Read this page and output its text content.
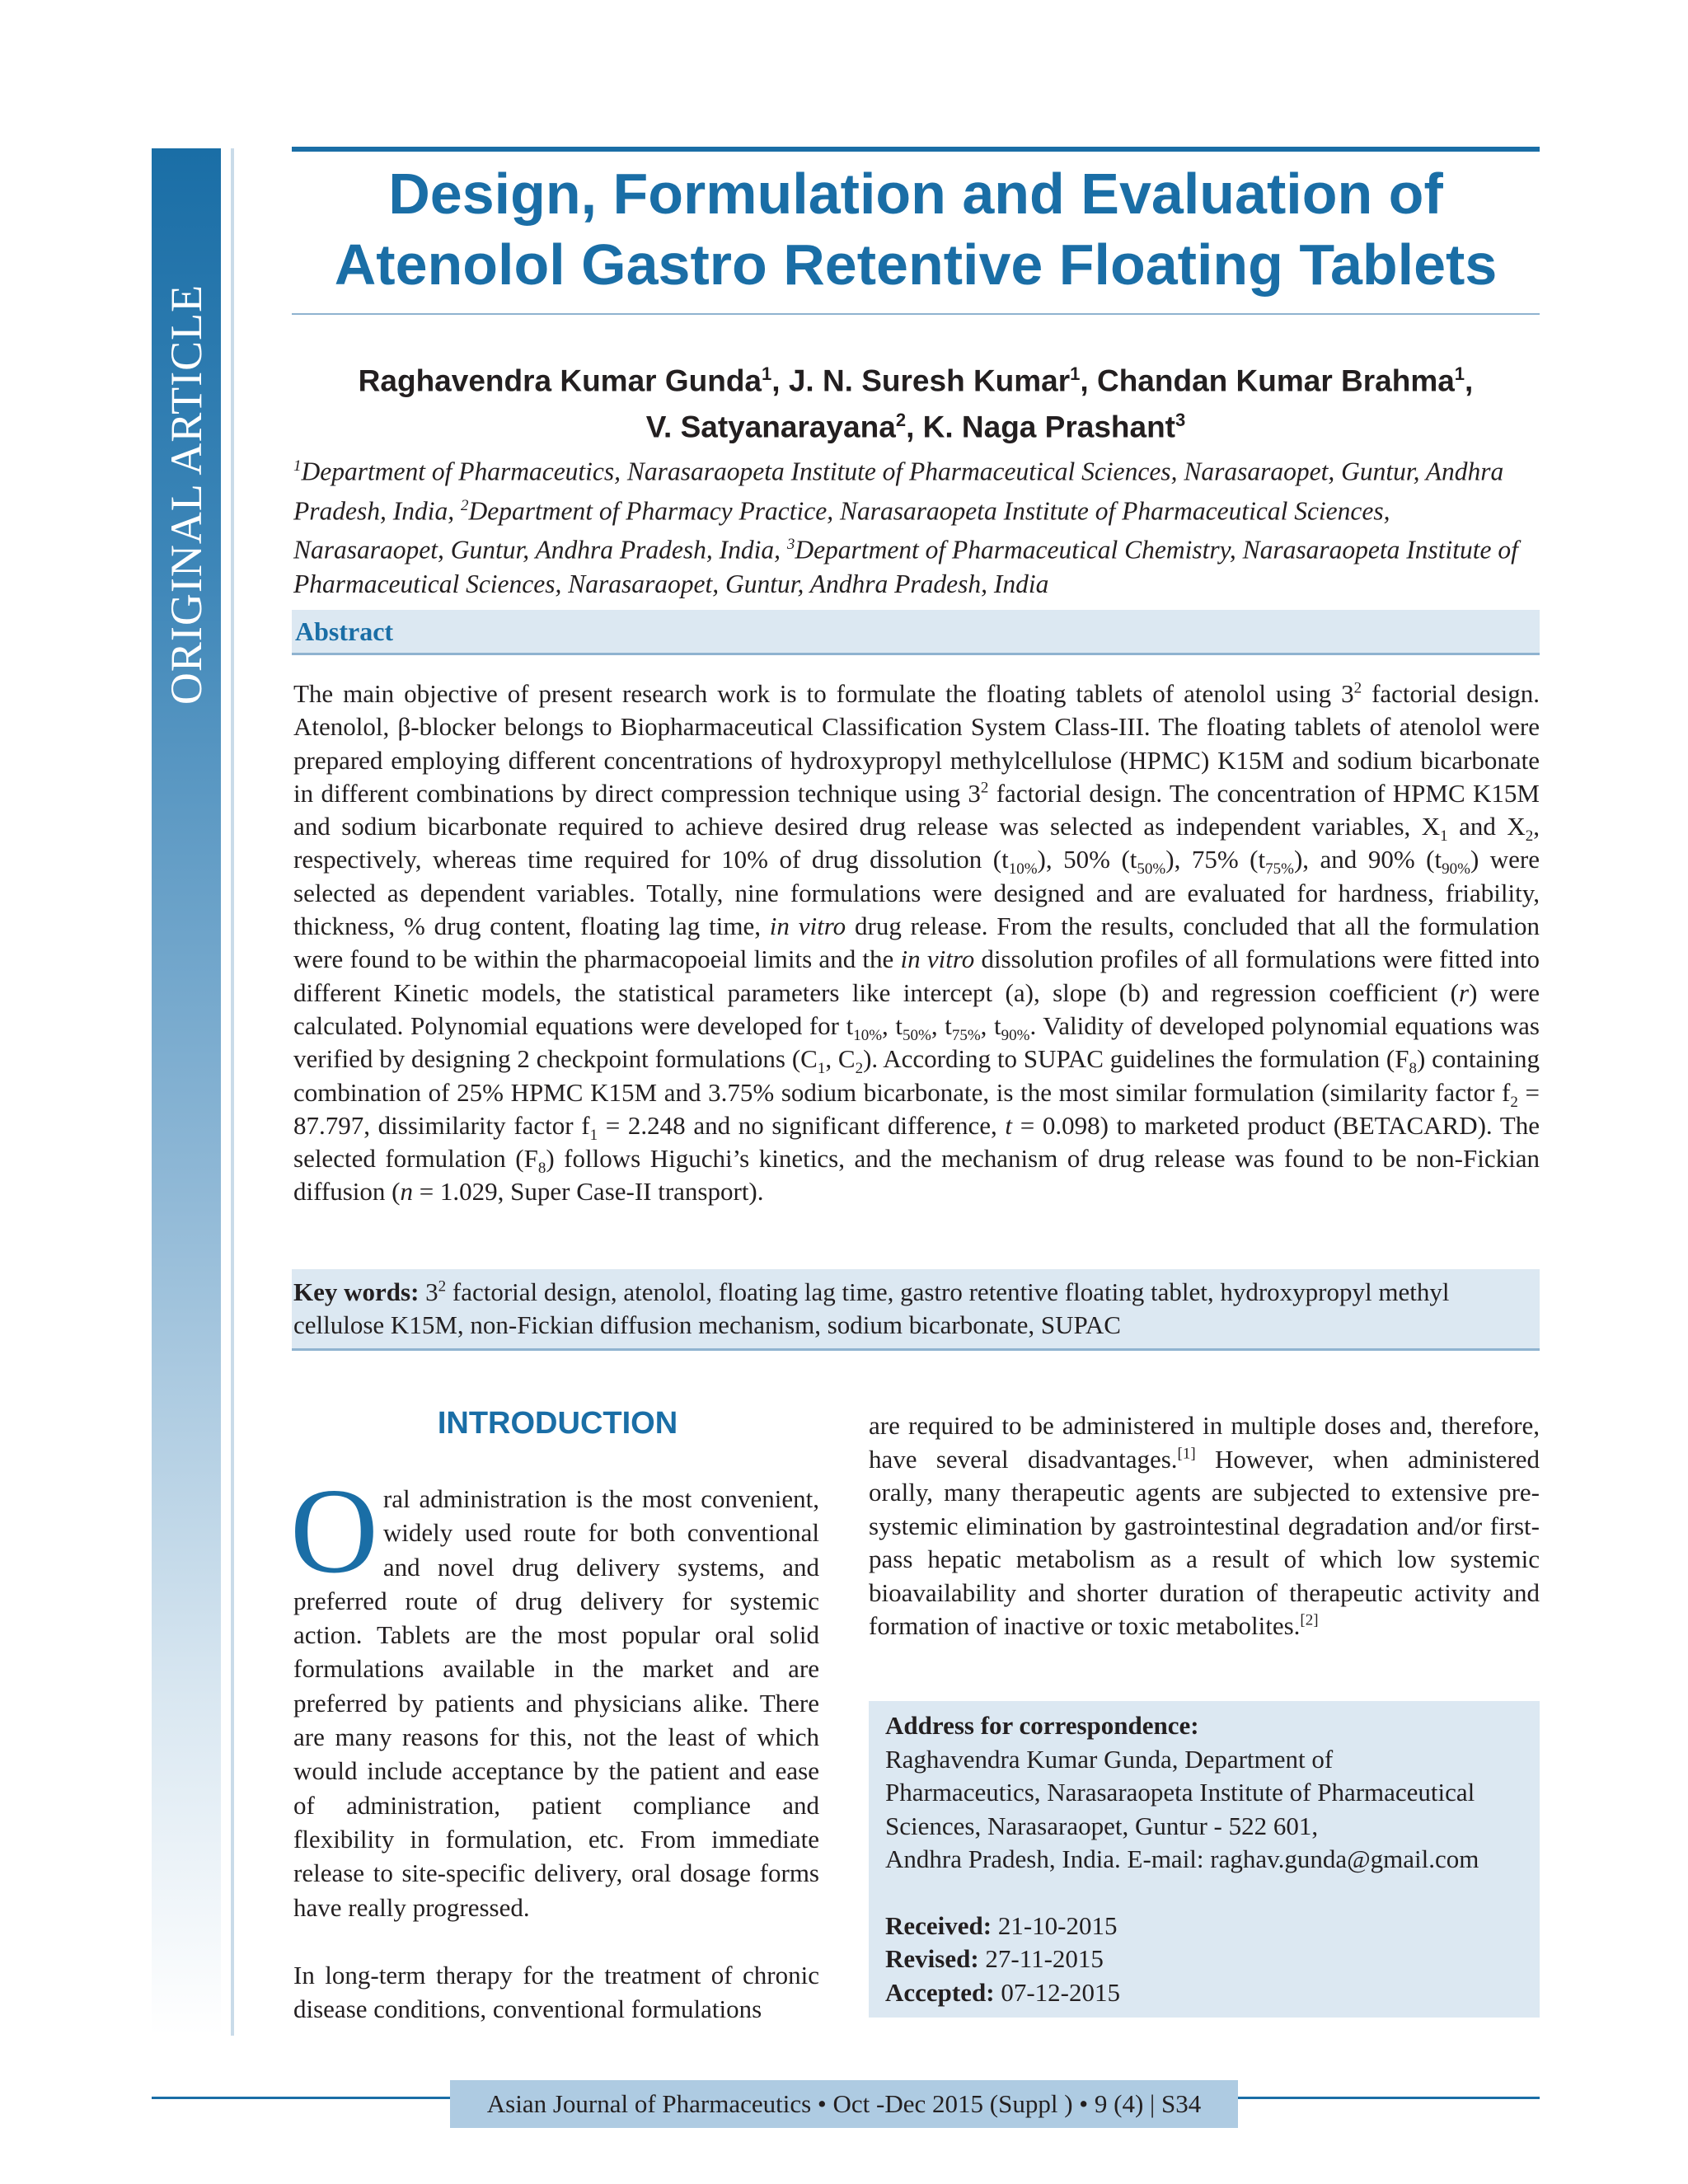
ORIGINAL ARTICLE
Design, Formulation and Evaluation of
Atenolol Gastro Retentive Floating Tablets
Raghavendra Kumar Gunda$^1$, J. N. Suresh Kumar$^1$, Chandan Kumar Brahma$^1$,
V. Satyanarayana$^2$, K. Naga Prashant$^3$
$^1$Department of Pharmaceutics, Narasaraopeta Institute of Pharmaceutical Sciences, Narasaraopet, Guntur, Andhra Pradesh, India, $^2$Department of Pharmacy Practice, Narasaraopeta Institute of Pharmaceutical Sciences, Narasaraopet, Guntur, Andhra Pradesh, India, $^3$Department of Pharmaceutical Chemistry, Narasaraopeta Institute of Pharmaceutical Sciences, Narasaraopet, Guntur, Andhra Pradesh, India
Abstract
The main objective of present research work is to formulate the floating tablets of atenolol using $3^2$ factorial design. Atenolol, β-blocker belongs to Biopharmaceutical Classification System Class-III. The floating tablets of atenolol were prepared employing different concentrations of hydroxypropyl methylcellulose (HPMC) K15M and sodium bicarbonate in different combinations by direct compression technique using $3^2$ factorial design. The concentration of HPMC K15M and sodium bicarbonate required to achieve desired drug release was selected as independent variables, $X_1$ and $X_2$, respectively, whereas time required for 10% of drug dissolution $(t_{10\%})$, 50% $(t_{50\%})$, 75% $(t_{75\%})$, and 90% $(t_{90\%})$ were selected as dependent variables. Totally, nine formulations were designed and are evaluated for hardness, friability, thickness, % drug content, floating lag time, in vitro drug release. From the results, concluded that all the formulation were found to be within the pharmacopoeial limits and the in vitro dissolution profiles of all formulations were fitted into different Kinetic models, the statistical parameters like intercept (a), slope (b) and regression coefficient (r) were calculated. Polynomial equations were developed for $t_{10\%}$, $t_{50\%}$, $t_{75\%}$, $t_{90\%}$. Validity of developed polynomial equations was verified by designing 2 checkpoint formulations ($C_1$, $C_2$). According to SUPAC guidelines the formulation $(F_8)$ containing combination of 25% HPMC K15M and 3.75% sodium bicarbonate, is the most similar formulation (similarity factor $f_2 = 87.797$, dissimilarity factor $f_1 = 2.248$ and no significant difference, t = 0.098) to marketed product (BETACARD). The selected formulation $(F_8)$ follows Higuchi’s kinetics, and the mechanism of drug release was found to be non-Fickian diffusion (n = 1.029, Super Case-II transport).
Key words: $3^2$ factorial design, atenolol, floating lag time, gastro retentive floating tablet, hydroxypropyl methyl cellulose K15M, non-Fickian diffusion mechanism, sodium bicarbonate, SUPAC
INTRODUCTION

Oral administration is the most convenient, widely used route for both conventional and novel drug delivery systems, and preferred route of drug delivery for systemic action. Tablets are the most popular oral solid formulations available in the market and are preferred by patients and physicians alike. There are many reasons for this, not the least of which would include acceptance by the patient and ease of administration, patient compliance and flexibility in formulation, etc. From immediate release to site-specific delivery, oral dosage forms have really progressed.

In long-term therapy for the treatment of chronic disease conditions, conventional formulations

are required to be administered in multiple doses and, therefore, have several disadvantages.[1] However, when administered orally, many therapeutic agents are subjected to extensive pre-systemic elimination by gastrointestinal degradation and/or first-pass hepatic metabolism as a result of which low systemic bioavailability and shorter duration of therapeutic activity and formation of inactive or toxic metabolites.[2]

Address for correspondence:

Raghavendra Kumar Gunda, Department of

Pharmaceutics, Narasaraopeta Institute of Pharmaceutical

Sciences, Narasaraopet, Guntur - 522 601,

Andhra Pradesh, India. E-mail: raghav.gunda@gmail.com

Received: 21-10-2015

Revised: 27-11-2015

Accepted: 07-12-2015

Asian Journal of Pharmaceutics • Oct -Dec 2015 (Suppl ) • 9 (4) | S34
